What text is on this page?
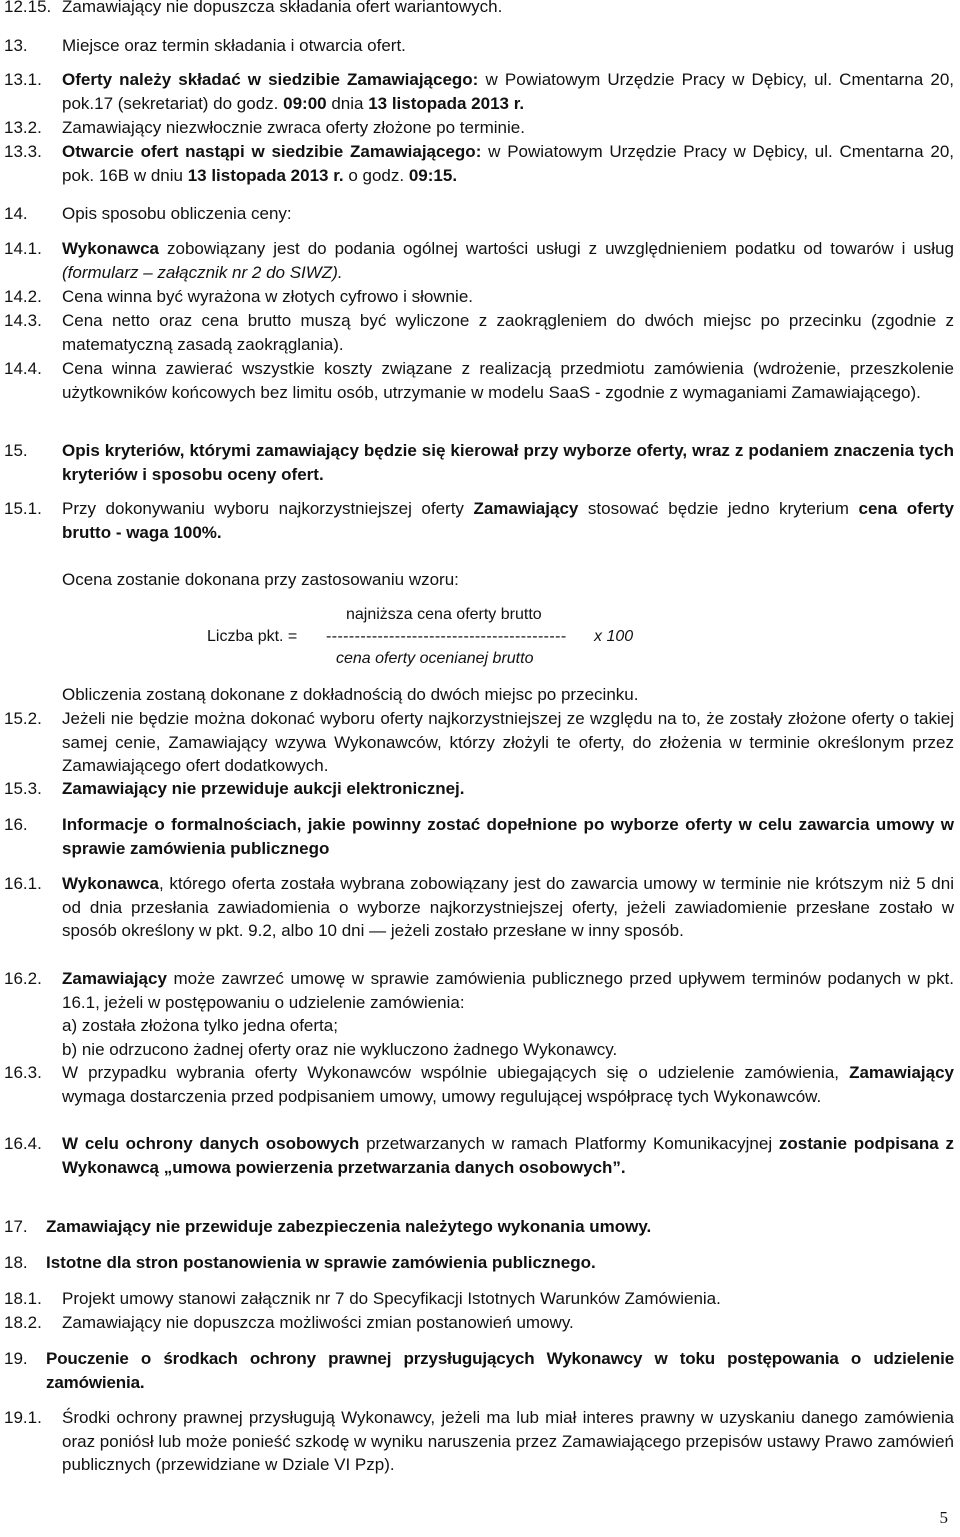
12.15. Zamawiający nie dopuszcza składania ofert wariantowych.
13.	Miejsce oraz termin składania i otwarcia ofert.
13.1.	Oferty należy składać w siedzibie Zamawiającego: w Powiatowym Urzędzie Pracy w Dębicy, ul. Cmentarna 20, pok.17 (sekretariat) do godz. 09:00 dnia 13 listopada 2013 r.
13.2.	Zamawiający niezwłocznie zwraca oferty złożone po terminie.
13.3.	Otwarcie ofert nastąpi w siedzibie Zamawiającego: w Powiatowym Urzędzie Pracy w Dębicy, ul. Cmentarna 20, pok. 16B w dniu 13 listopada 2013 r. o godz. 09:15.
14.	Opis sposobu obliczenia ceny:
14.1.	Wykonawca zobowiązany jest do podania ogólnej wartości usługi z uwzględnieniem podatku od towarów i usług (formularz – załącznik nr 2 do SIWZ).
14.2.	Cena winna być wyrażona w złotych cyfrowo i słownie.
14.3.	Cena netto oraz cena brutto muszą być wyliczone z zaokrągleniem do dwóch miejsc po przecinku (zgodnie z matematyczną zasadą zaokrąglania).
14.4.	Cena winna zawierać wszystkie koszty związane z realizacją przedmiotu zamówienia (wdrożenie, przeszkolenie użytkowników końcowych bez limitu osób, utrzymanie w modelu SaaS - zgodnie z wymaganiami Zamawiającego).
15.	Opis kryteriów, którymi zamawiający będzie się kierował przy wyborze oferty, wraz z podaniem znaczenia tych kryteriów i sposobu oceny ofert.
15.1.	Przy dokonywaniu wyboru najkorzystniejszej oferty Zamawiający stosować będzie jedno kryterium cena oferty brutto - waga 100%.
Ocena zostanie dokonana przy zastosowaniu wzoru:
najniższa cena oferty brutto
Liczba pkt. = ------------------------------------------ x 100
cena oferty ocenianej brutto
Obliczenia zostaną dokonane z dokładnością do dwóch miejsc po przecinku.
15.2.	Jeżeli nie będzie można dokonać wyboru oferty najkorzystniejszej ze względu na to, że zostały złożone oferty o takiej samej cenie, Zamawiający wzywa Wykonawców, którzy złożyli te oferty, do złożenia w terminie określonym przez Zamawiającego ofert dodatkowych.
15.3.	Zamawiający nie przewiduje aukcji elektronicznej.
16.	Informacje o formalnościach, jakie powinny zostać dopełnione po wyborze oferty w celu zawarcia umowy w sprawie zamówienia publicznego
16.1.	Wykonawca, którego oferta została wybrana zobowiązany jest do zawarcia umowy w terminie nie krótszym niż 5 dni od dnia przesłania zawiadomienia o wyborze najkorzystniejszej oferty, jeżeli zawiadomienie przesłane zostało w sposób określony w pkt. 9.2, albo 10 dni — jeżeli zostało przesłane w inny sposób.
16.2.	Zamawiający może zawrzeć umowę w sprawie zamówienia publicznego przed upływem terminów podanych w pkt. 16.1, jeżeli w postępowaniu o udzielenie zamówienia:
a) została złożona tylko jedna oferta;
b) nie odrzucono żadnej oferty oraz nie wykluczono żadnego Wykonawcy.
16.3.	W przypadku wybrania oferty Wykonawców wspólnie ubiegających się o udzielenie zamówienia, Zamawiający wymaga dostarczenia przed podpisaniem umowy, umowy regulującej współpracę tych Wykonawców.
16.4.	W celu ochrony danych osobowych przetwarzanych w ramach Platformy Komunikacyjnej zostanie podpisana z Wykonawcą „umowa powierzenia przetwarzania danych osobowych”.
17.	Zamawiający nie przewiduje zabezpieczenia należytego wykonania umowy.
18.	Istotne dla stron postanowienia w sprawie zamówienia publicznego.
18.1.	Projekt umowy stanowi załącznik nr 7 do Specyfikacji Istotnych Warunków Zamówienia.
18.2.	Zamawiający nie dopuszcza możliwości zmian postanowień umowy.
19.	Pouczenie o środkach ochrony prawnej przysługujących Wykonawcy w toku postępowania o udzielenie zamówienia.
19.1.	Środki ochrony prawnej przysługują Wykonawcy, jeżeli ma lub miał interes prawny w uzyskaniu danego zamówienia oraz poniósł lub może ponieść szkodę w wyniku naruszenia przez Zamawiającego przepisów ustawy Prawo zamówień publicznych (przewidziane w Dziale VI Pzp).
5
